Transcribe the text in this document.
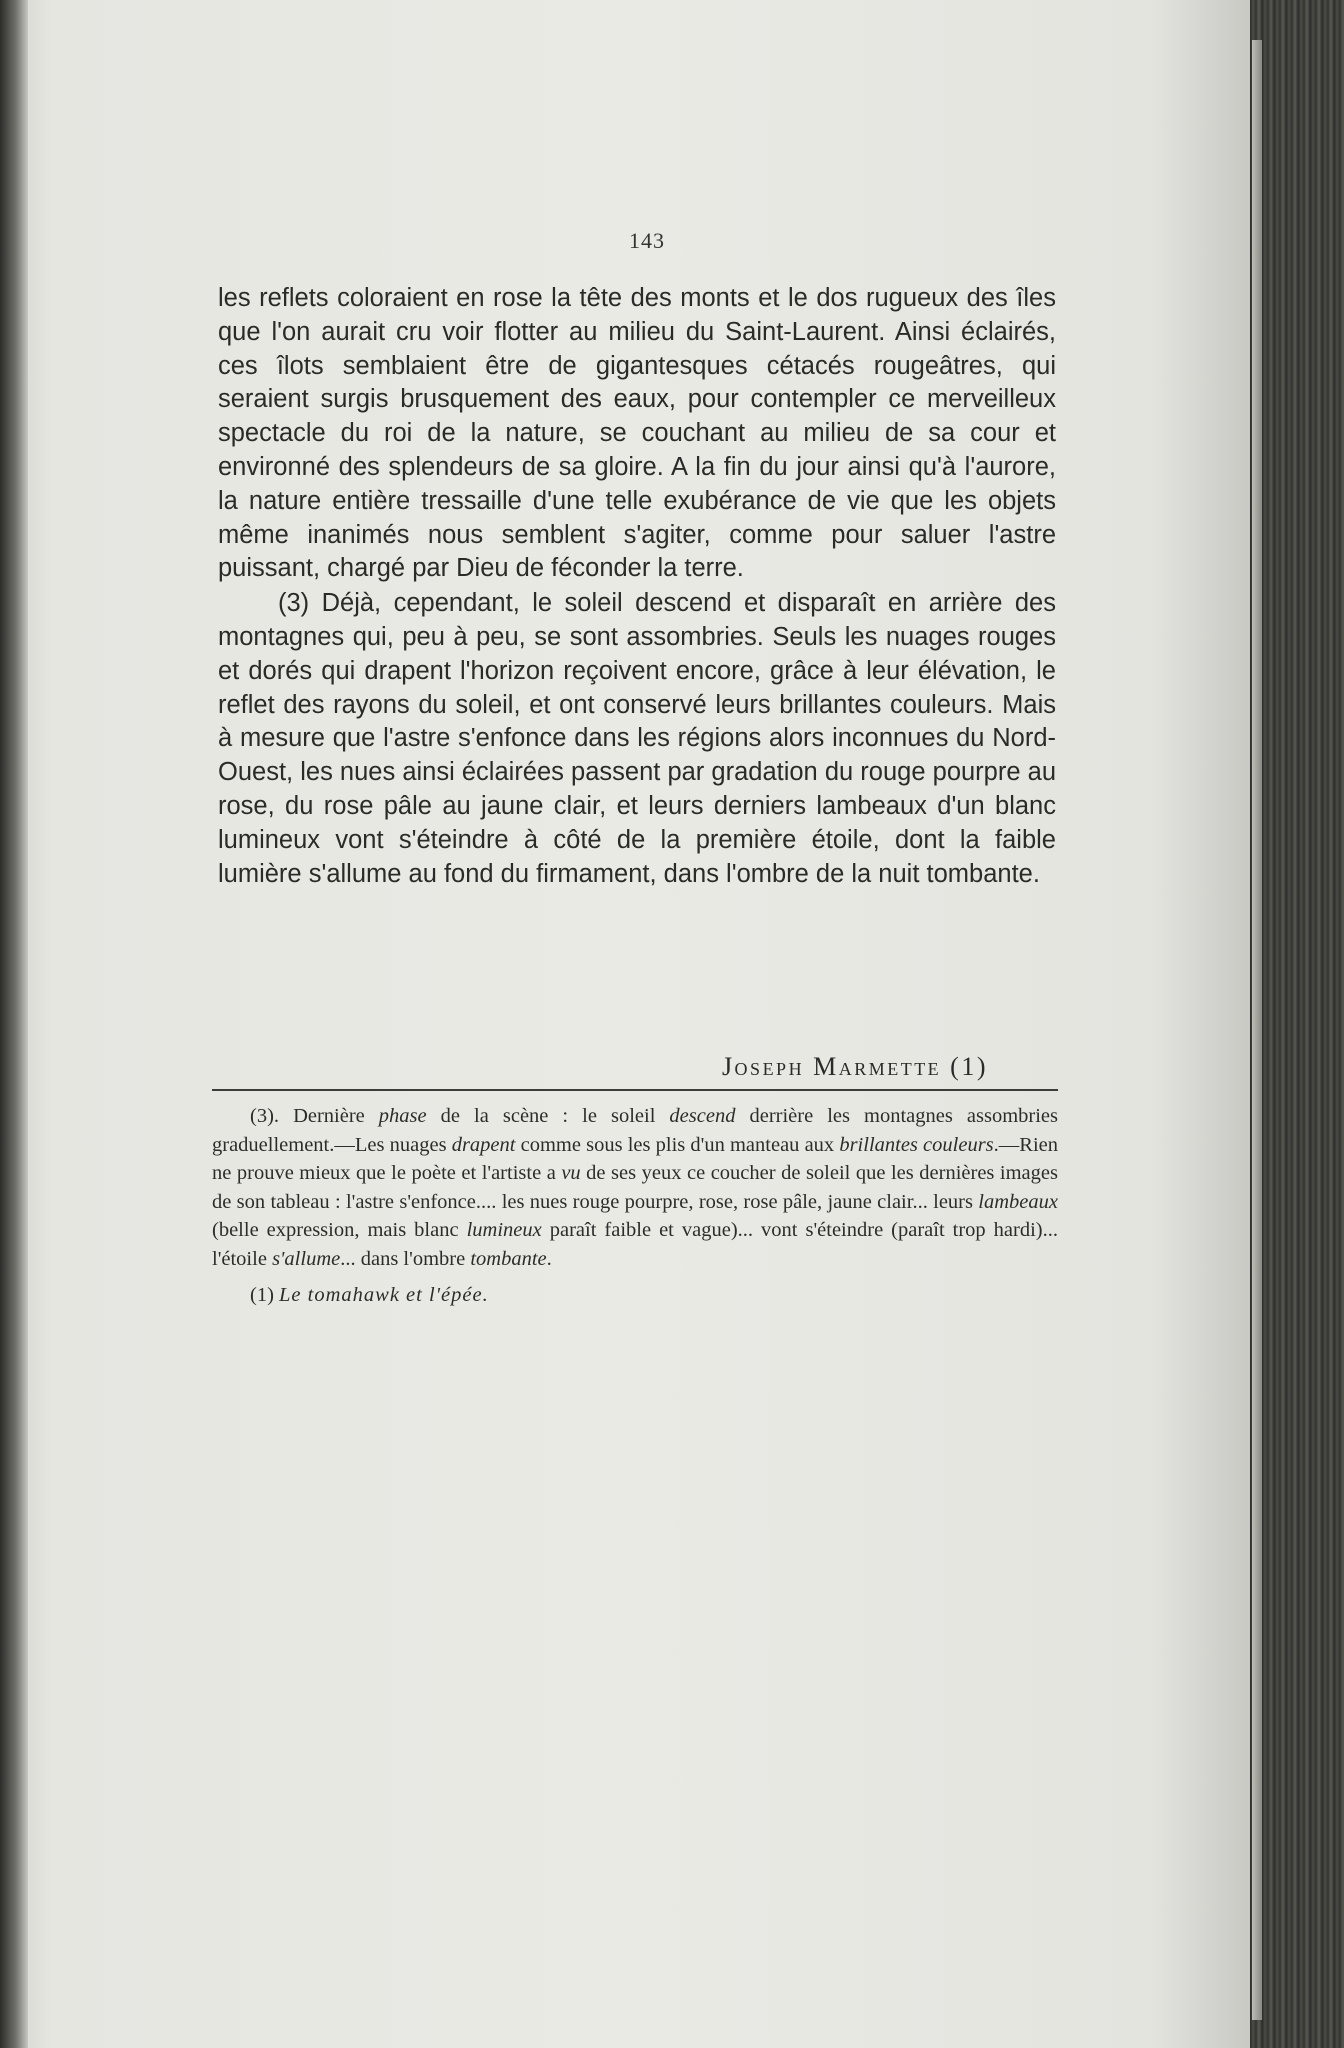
143

les reflets coloraient en rose la tête des monts et le dos rugueux des îles que l'on aurait cru voir flotter au milieu du Saint-Laurent. Ainsi éclairés, ces îlots semblaient être de gigantesques cétacés rougeâtres, qui seraient surgis brusquement des eaux, pour contempler ce merveilleux spectacle du roi de la nature, se couchant au milieu de sa cour et environné des splendeurs de sa gloire. A la fin du jour ainsi qu'à l'aurore, la nature entière tressaille d'une telle exubérance de vie que les objets même inanimés nous semblent s'agiter, comme pour saluer l'astre puissant, chargé par Dieu de féconder la terre.

(3) Déjà, cependant, le soleil descend et disparaît en arrière des montagnes qui, peu à peu, se sont assombries. Seuls les nuages rouges et dorés qui drapent l'horizon reçoivent encore, grâce à leur élévation, le reflet des rayons du soleil, et ont conservé leurs brillantes couleurs. Mais à mesure que l'astre s'enfonce dans les régions alors inconnues du Nord-Ouest, les nues ainsi éclairées passent par gradation du rouge pourpre au rose, du rose pâle au jaune clair, et leurs derniers lambeaux d'un blanc lumineux vont s'éteindre à côté de la première étoile, dont la faible lumière s'allume au fond du firmament, dans l'ombre de la nuit tombante.

Joseph Marmette (1)

(3). Dernière phase de la scène : le soleil descend derrière les montagnes assombries graduellement.—Les nuages drapent comme sous les plis d'un manteau aux brillantes couleurs.—Rien ne prouve mieux que le poète et l'artiste a vu de ses yeux ce coucher de soleil que les dernières images de son tableau : l'astre s'enfonce.... les nues rouge pourpre, rose, rose pâle, jaune clair... leurs lambeaux (belle expression, mais blanc lumineux paraît faible et vague)... vont s'éteindre (paraît trop hardi)... l'étoile s'allume... dans l'ombre tombante.

(1) Le tomahawk et l'épée.
